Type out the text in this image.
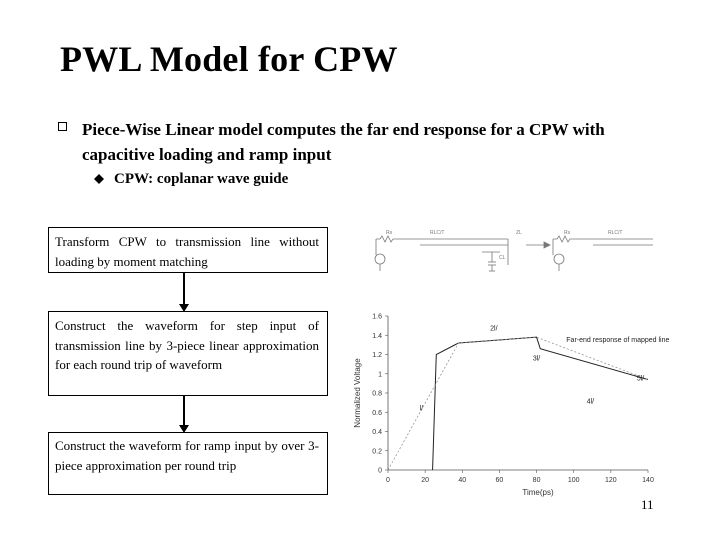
PWL Model for CPW
Piece-Wise Linear model computes the far end response for a CPW with capacitive loading and ramp input
CPW: coplanar wave guide
Transform CPW to transmission line without loading by moment matching
Construct the waveform for step input of transmission line by 3-piece linear approximation for each round trip of waveform
Construct the waveform for ramp input by over 3-piece approximation per round trip
Rs	RLC/T	ZL
CL
Rs	RLC/T
0	20	40	60	80	100	120	140
0
0.2
0.4
0.6
0.8
1
1.2
1.4
1.6
2l/
Far-end response of mapped line
3l/
5l/
4l/
l/
Time(ps)
Normalized Voltage
11
